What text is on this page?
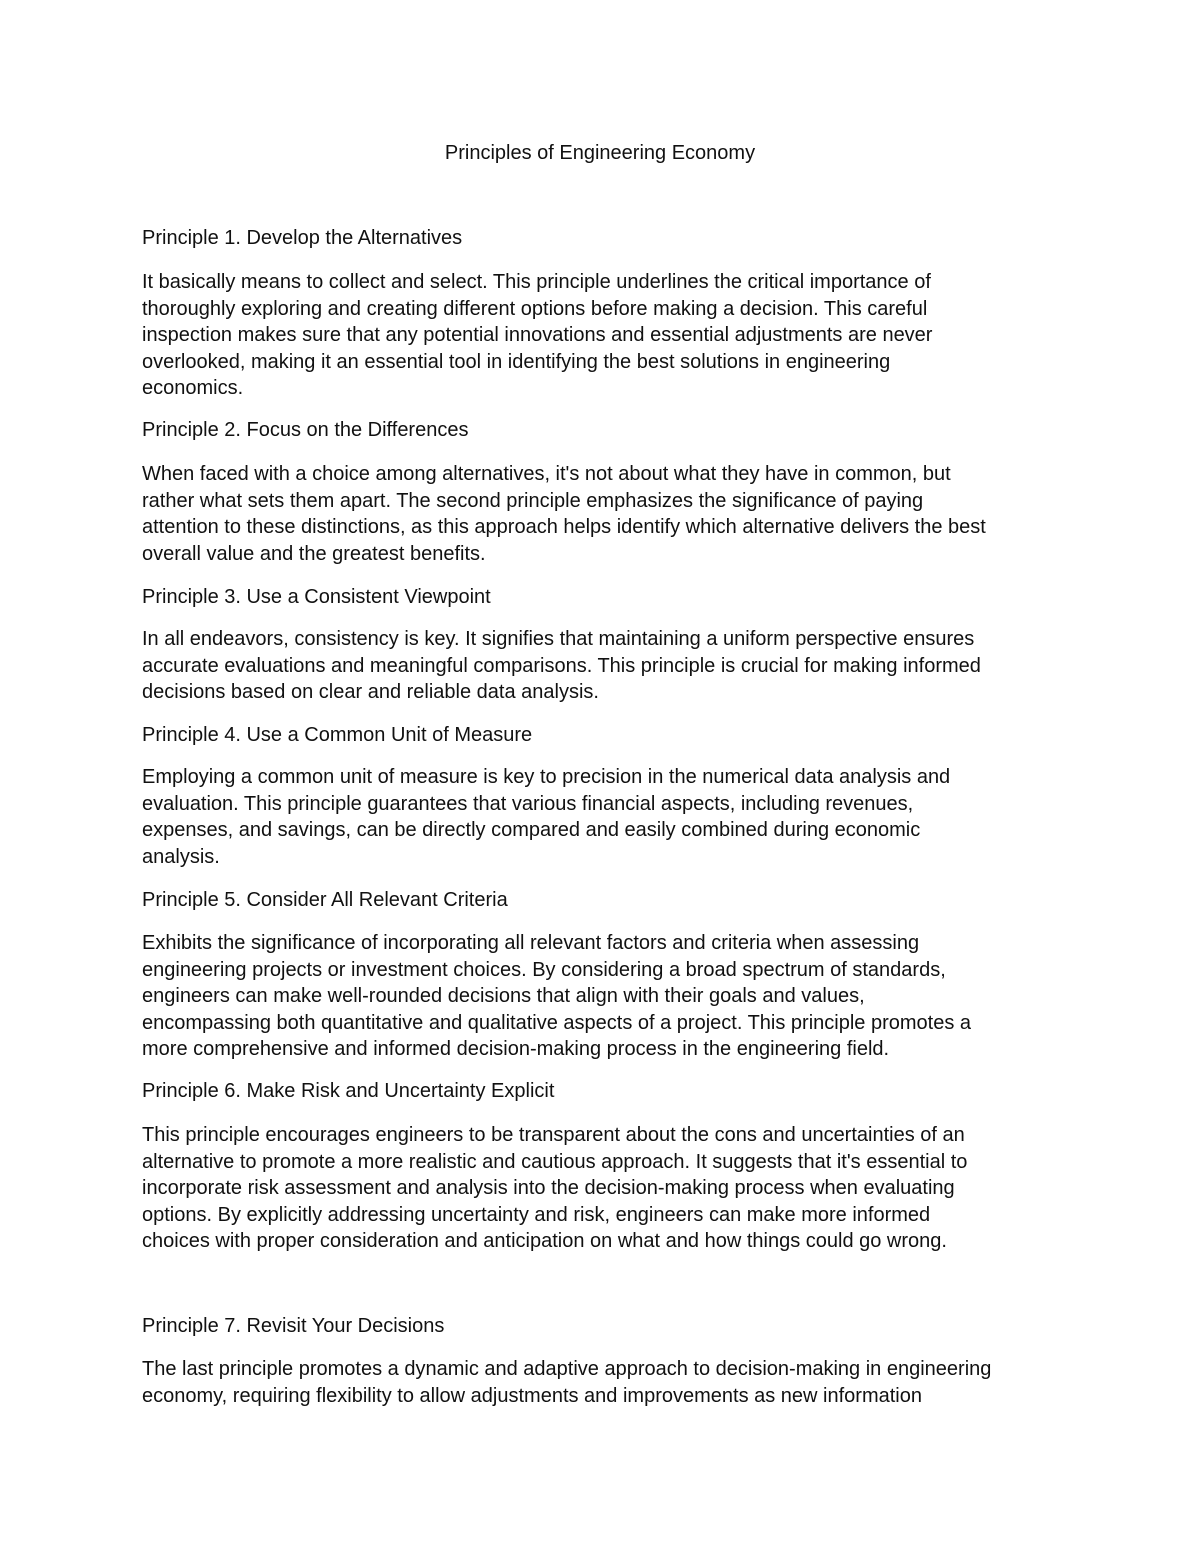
Principles of Engineering Economy
Principle 1. Develop the Alternatives
It basically means to collect and select. This principle underlines the critical importance of
thoroughly exploring and creating different options before making a decision. This careful
inspection makes sure that any potential innovations and essential adjustments are never
overlooked, making it an essential tool in identifying the best solutions in engineering
economics.
Principle 2. Focus on the Differences
When faced with a choice among alternatives, it's not about what they have in common, but
rather what sets them apart. The second principle emphasizes the significance of paying
attention to these distinctions, as this approach helps identify which alternative delivers the best
overall value and the greatest benefits.
Principle 3. Use a Consistent Viewpoint
In all endeavors, consistency is key. It signifies that maintaining a uniform perspective ensures
accurate evaluations and meaningful comparisons. This principle is crucial for making informed
decisions based on clear and reliable data analysis.
Principle 4. Use a Common Unit of Measure
Employing a common unit of measure is key to precision in the numerical data analysis and
evaluation. This principle guarantees that various financial aspects, including revenues,
expenses, and savings, can be directly compared and easily combined during economic
analysis.
Principle 5. Consider All Relevant Criteria
Exhibits the significance of incorporating all relevant factors and criteria when assessing
engineering projects or investment choices. By considering a broad spectrum of standards,
engineers can make well-rounded decisions that align with their goals and values,
encompassing both quantitative and qualitative aspects of a project. This principle promotes a
more comprehensive and informed decision-making process in the engineering field.
Principle 6. Make Risk and Uncertainty Explicit
This principle encourages engineers to be transparent about the cons and uncertainties of an
alternative to promote a more realistic and cautious approach. It suggests that it's essential to
incorporate risk assessment and analysis into the decision-making process when evaluating
options. By explicitly addressing uncertainty and risk, engineers can make more informed
choices with proper consideration and anticipation on what and how things could go wrong.
Principle 7. Revisit Your Decisions
The last principle promotes a dynamic and adaptive approach to decision-making in engineering
economy, requiring flexibility to allow adjustments and improvements as new information
